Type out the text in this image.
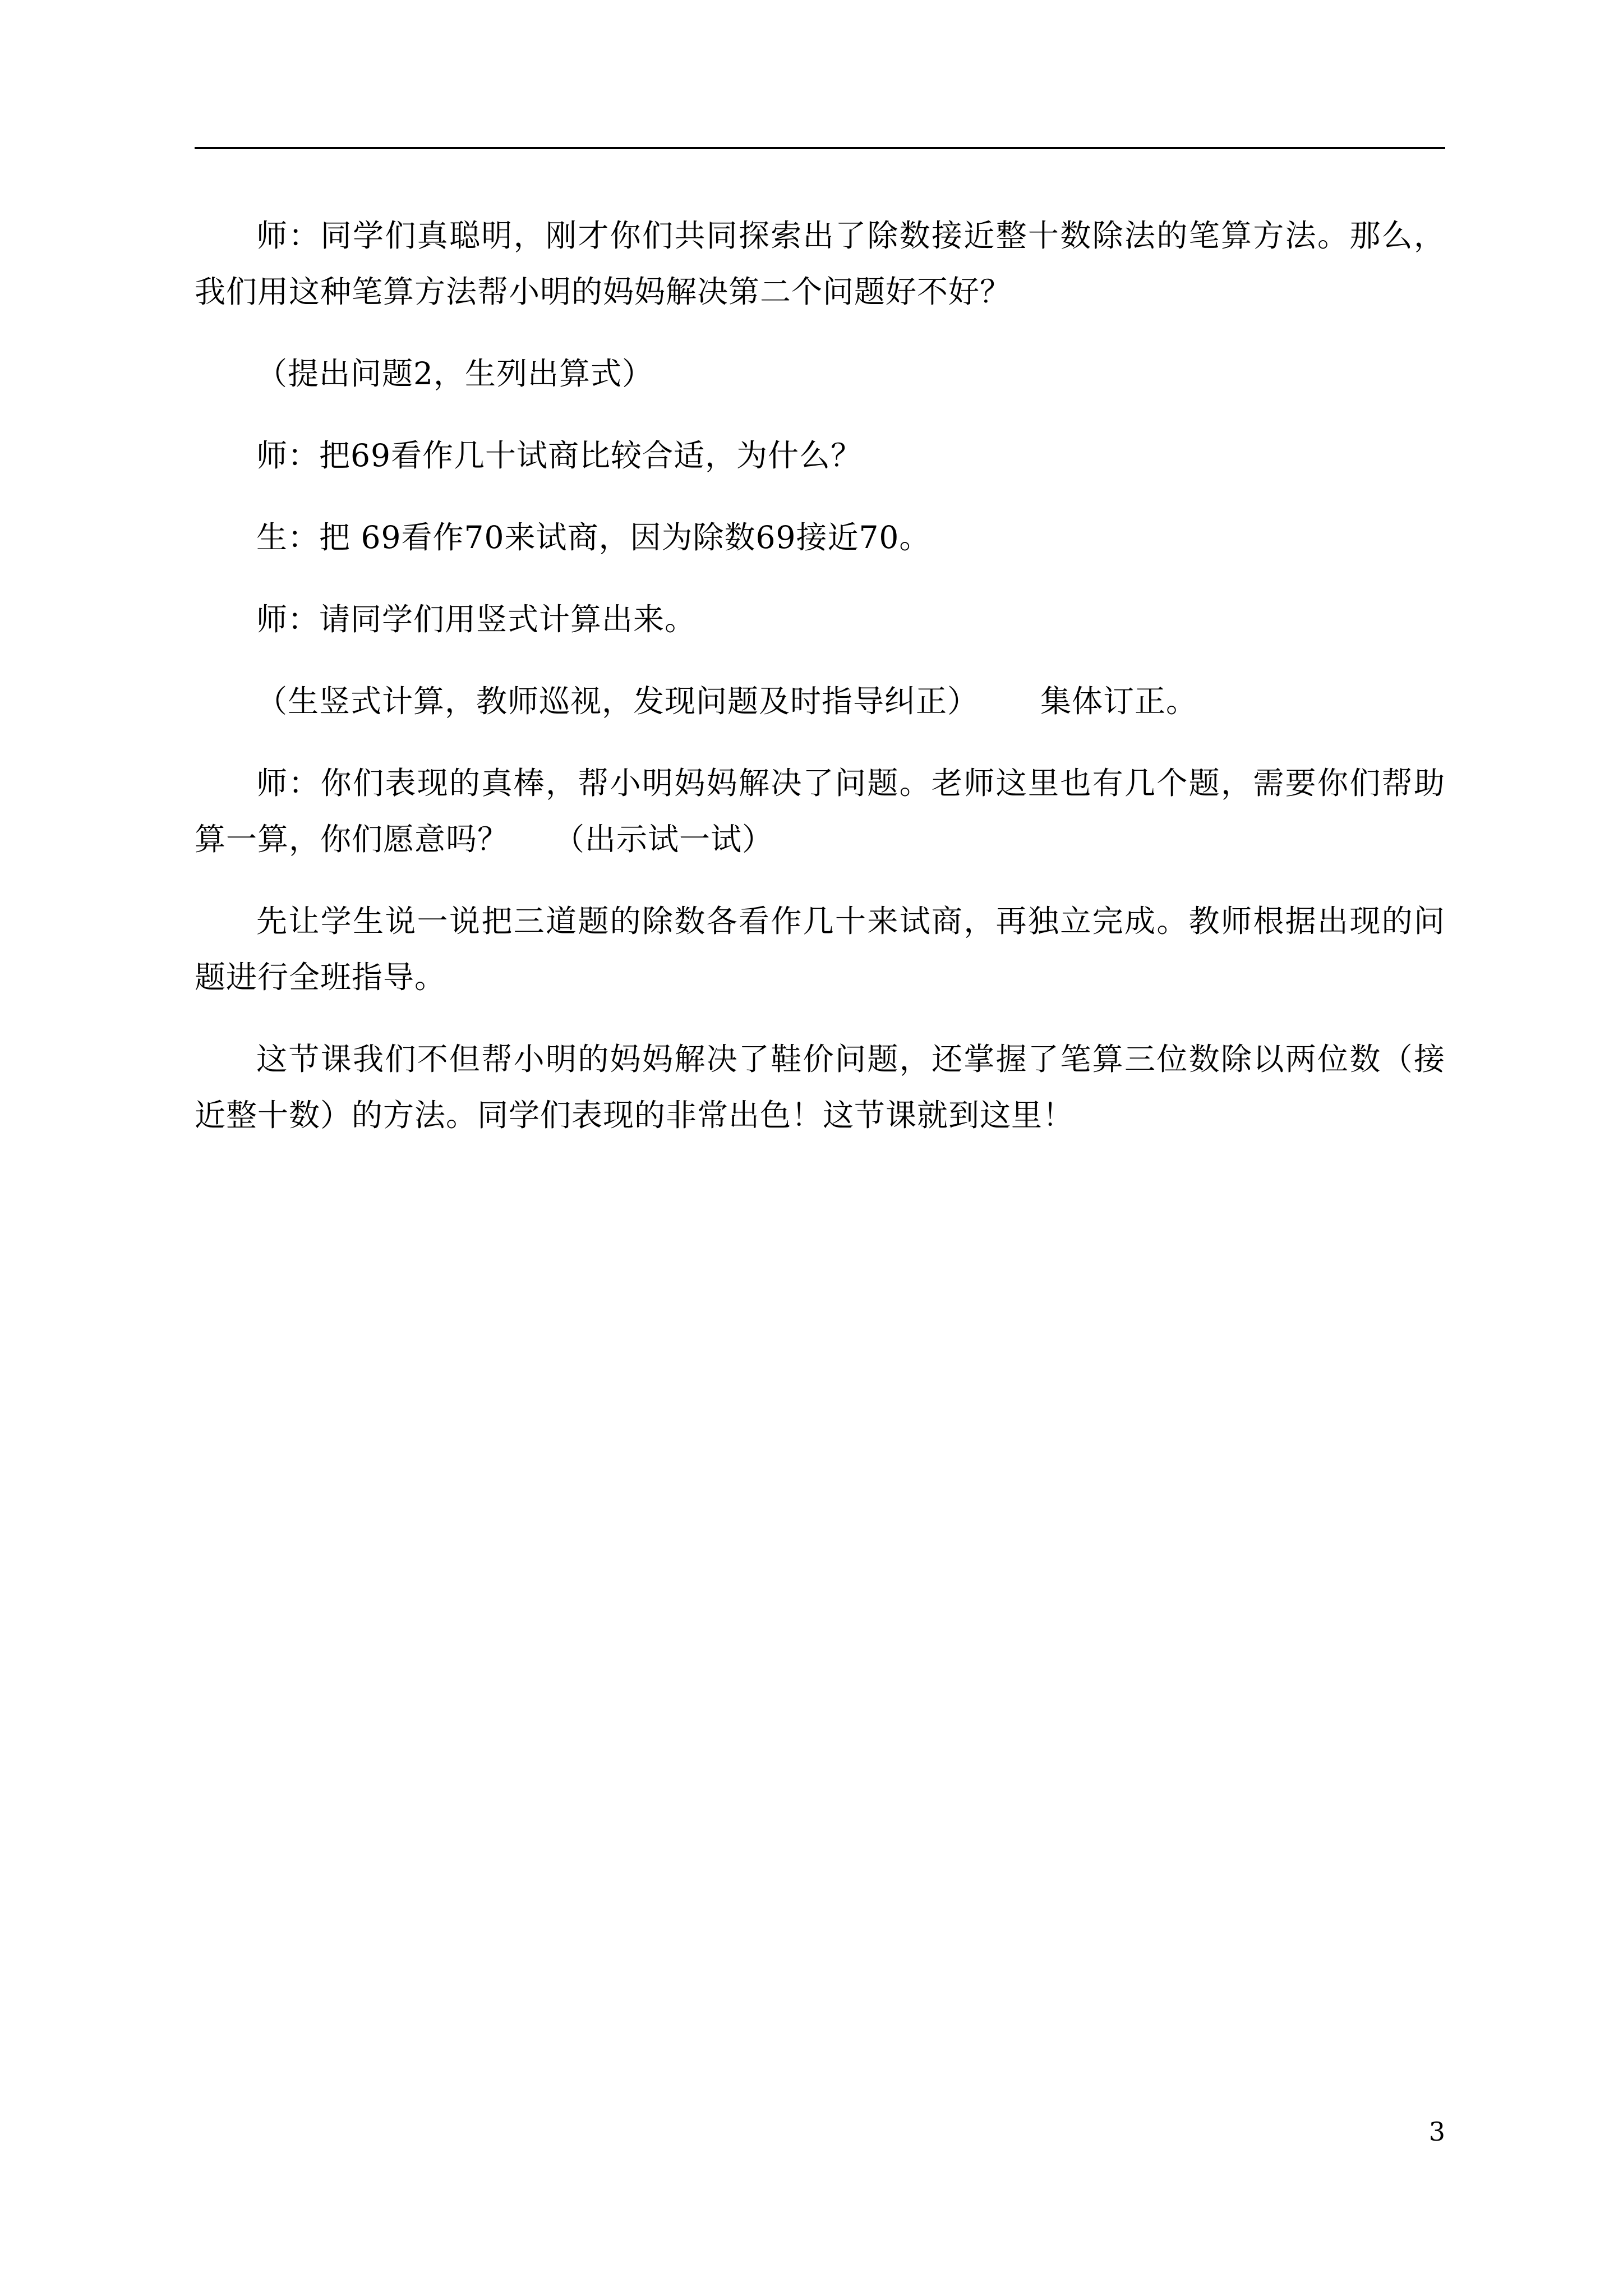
师：同学们真聪明，刚才你们共同探索出了除数接近整十数除法的笔算方法。那么，我们用这种笔算方法帮小明的妈妈解决第二个问题好不好？

（提出问题2，生列出算式）

师：把69看作几十试商比较合适，为什么？

生：把 69看作70来试商，因为除数69接近70。

师：请同学们用竖式计算出来。

（生竖式计算，教师巡视，发现问题及时指导纠正） 集体订正。

师：你们表现的真棒，帮小明妈妈解决了问题。老师这里也有几个题，需要你们帮助算一算，你们愿意吗？ （出示试一试）

先让学生说一说把三道题的除数各看作几十来试商，再独立完成。教师根据出现的问题进行全班指导。

这节课我们不但帮小明的妈妈解决了鞋价问题，还掌握了笔算三位数除以两位数（接近整十数）的方法。同学们表现的非常出色！这节课就到这里！

3
